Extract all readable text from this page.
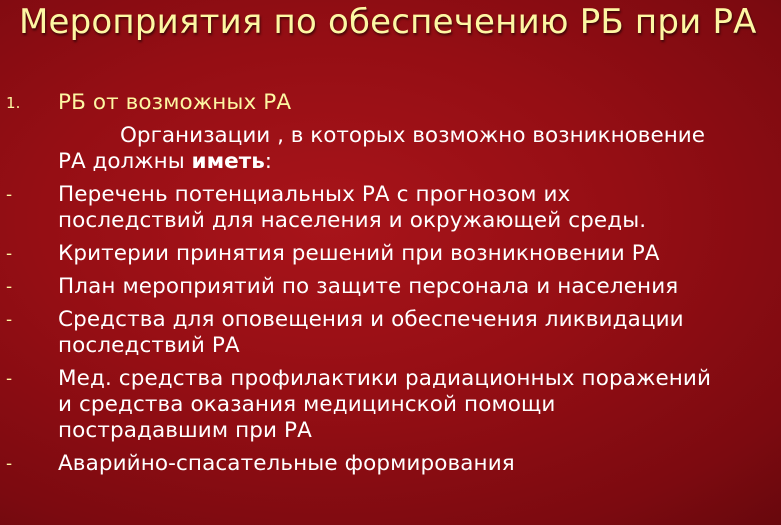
Мероприятия по обеспечению РБ при РА
1. РБ от возможных РА
Организации , в которых возможно возникновение
РА должны иметь:
- Перечень потенциальных РА с прогнозом их
последствий для населения и окружающей среды.
- Критерии принятия решений при возникновении РА
- План мероприятий по защите персонала и населения
- Средства для оповещения и обеспечения ликвидации
последствий РА
- Мед. средства профилактики радиационных поражений
и средства оказания медицинской помощи
пострадавшим при РА
- Аварийно-спасательные формирования
